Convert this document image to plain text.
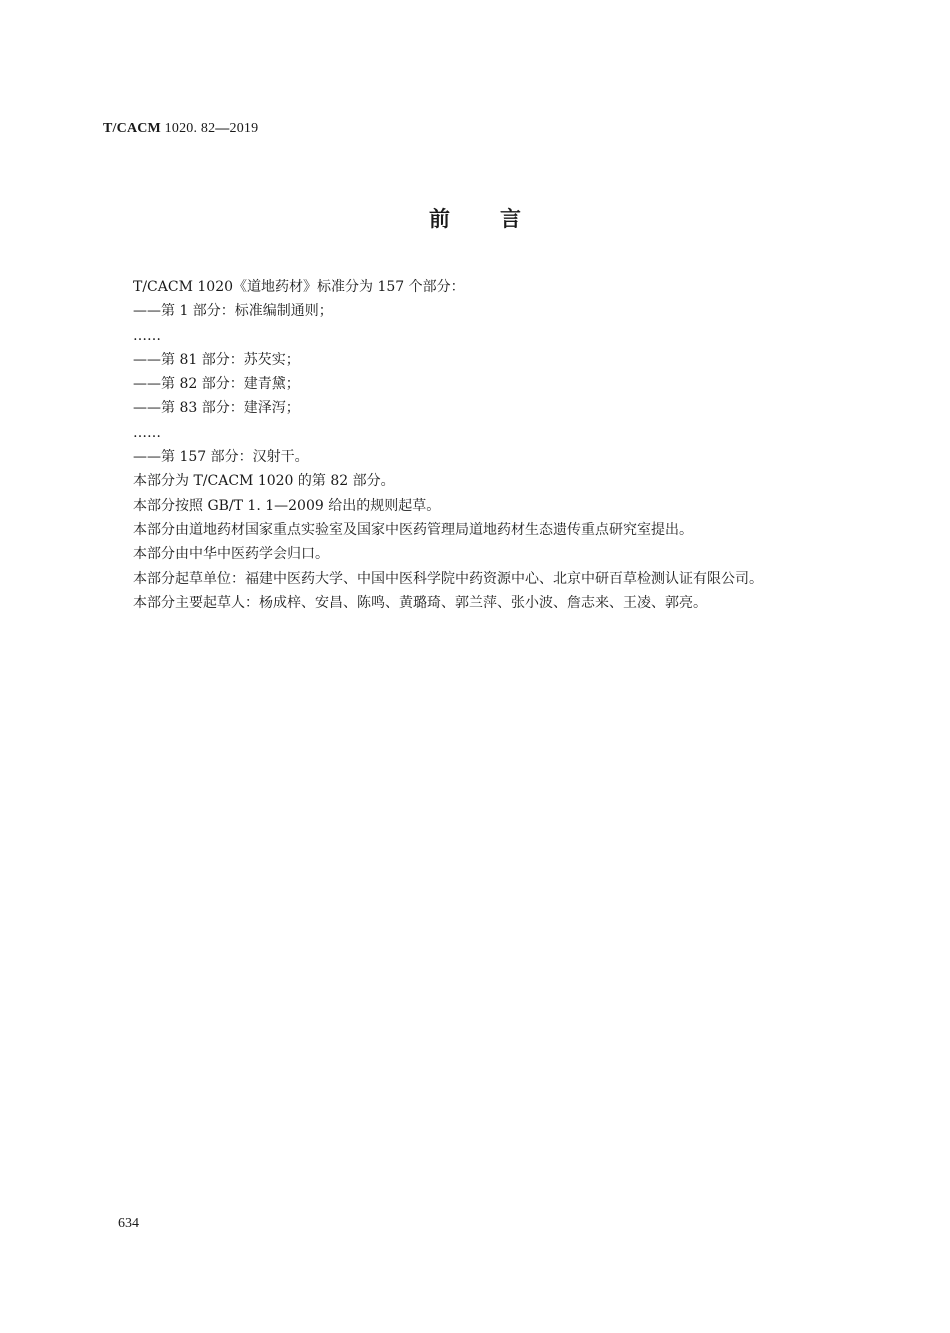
T/CACM 1020. 82—2019
前 言

T/CACM 1020《道地药材》标准分为 157 个部分：

——第 1 部分：标准编制通则；

……

——第 81 部分：苏芡实；

——第 82 部分：建青黛；

——第 83 部分：建泽泻；

……

——第 157 部分：汉射干。

本部分为 T/CACM 1020 的第 82 部分。

本部分按照 GB/T 1. 1—2009 给出的规则起草。

本部分由道地药材国家重点实验室及国家中医药管理局道地药材生态遗传重点研究室提出。

本部分由中华中医药学会归口。

本部分起草单位：福建中医药大学、中国中医科学院中药资源中心、北京中研百草检测认证有限公司。

本部分主要起草人：杨成梓、安昌、陈鸣、黄璐琦、郭兰萍、张小波、詹志来、王凌、郭亮。

634
